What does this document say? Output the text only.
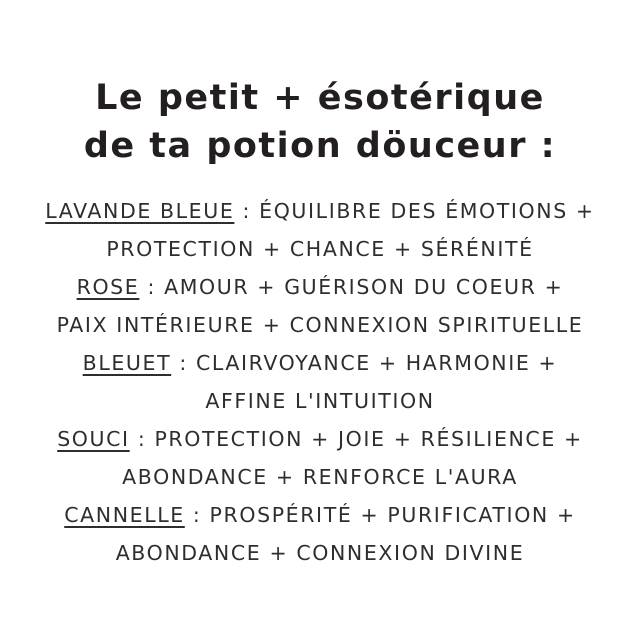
Le petit + ésotérique
de ta potion döuceur :
LAVANDE BLEUE : ÉQUILIBRE DES ÉMOTIONS +
PROTECTION + CHANCE + SÉRÉNITÉ
ROSE : AMOUR + GUÉRISON DU COEUR +
PAIX INTÉRIEURE + CONNEXION SPIRITUELLE
BLEUET : CLAIRVOYANCE + HARMONIE +
AFFINE L'INTUITION
SOUCI : PROTECTION + JOIE + RÉSILIENCE +
ABONDANCE + RENFORCE L'AURA
CANNELLE : PROSPÉRITÉ + PURIFICATION +
ABONDANCE + CONNEXION DIVINE
